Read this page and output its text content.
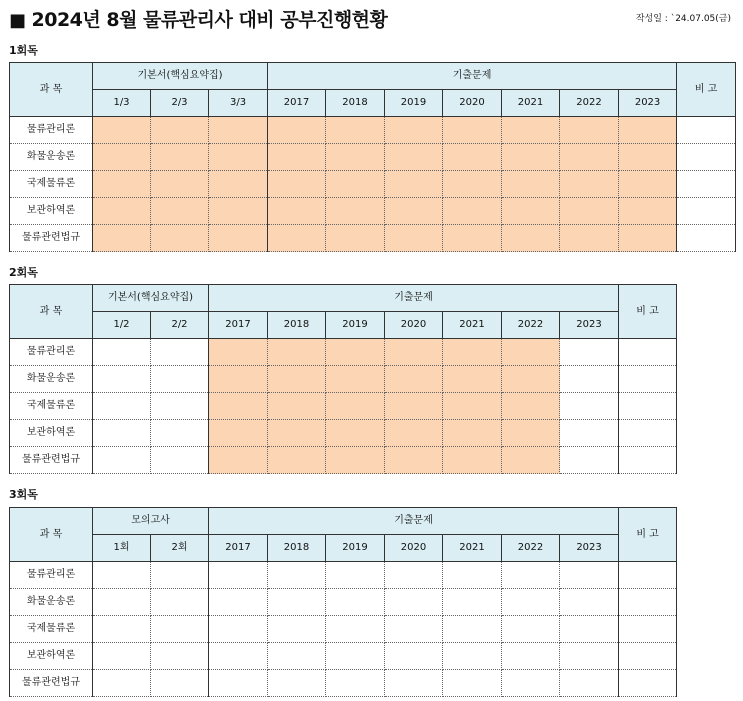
■ 2024년 8월 물류관리사 대비 공부진행현황	작성일 : `24.07.05(금)
1회독
과 목	기본서(핵심요약집)			기출문제							비 고
	1/3	2/3	3/3	2017	2018	2019	2020	2021	2022	2023	
물류관리론											
화물운송론											
국제물류론											
보관하역론											
물류관련법규											
2회독
과 목	기본서(핵심요약집)		기출문제							비 고
	1/2	2/2	2017	2018	2019	2020	2021	2022	2023	
물류관리론										
화물운송론										
국제물류론										
보관하역론										
물류관련법규										
3회독
과 목	모의고사		기출문제							비 고
	1회	2회	2017	2018	2019	2020	2021	2022	2023	
물류관리론										
화물운송론										
국제물류론										
보관하역론										
물류관련법규										
